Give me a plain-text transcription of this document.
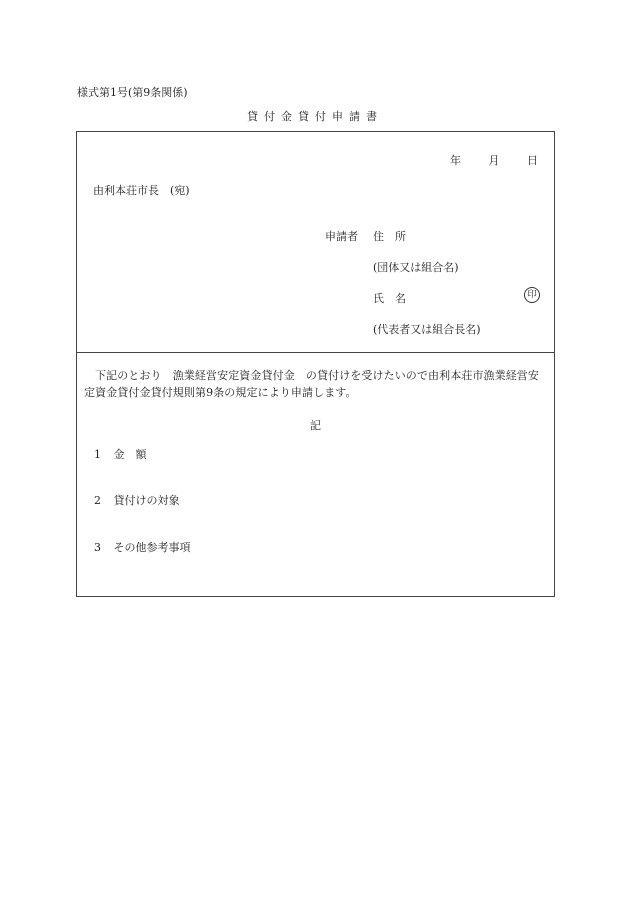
様式第1号(第9条関係)
貸付金貸付申請書
年	月	日
由利本荘市長　(宛)
申請者 住　所
(団体又は組合名)
氏　名	印
(代表者又は組合長名)
下記のとおり　漁業経営安定資金貸付金　の貸付けを受けたいので由利本荘市漁業経営安定資金貸付金貸付規則第9条の規定により申請します。
記
1 金　額
2 貸付けの対象
3 その他参考事項
